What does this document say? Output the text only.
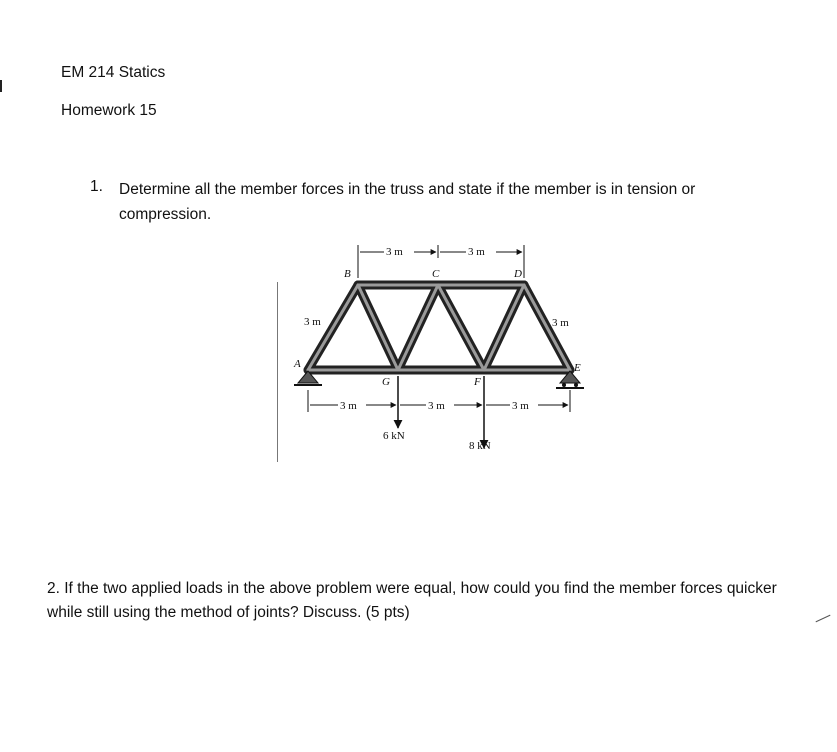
EM 214 Statics
Homework 15
1. Determine all the member forces in the truss and state if the member is in tension or compression.
3 m	3 m
3 m	3 m	3 m
3 m	3 m
6 kN
8 kN
A
B	C	D
E
F
G
2. If the two applied loads in the above problem were equal, how could you find the member forces quicker while still using the method of joints? Discuss. (5 pts)
